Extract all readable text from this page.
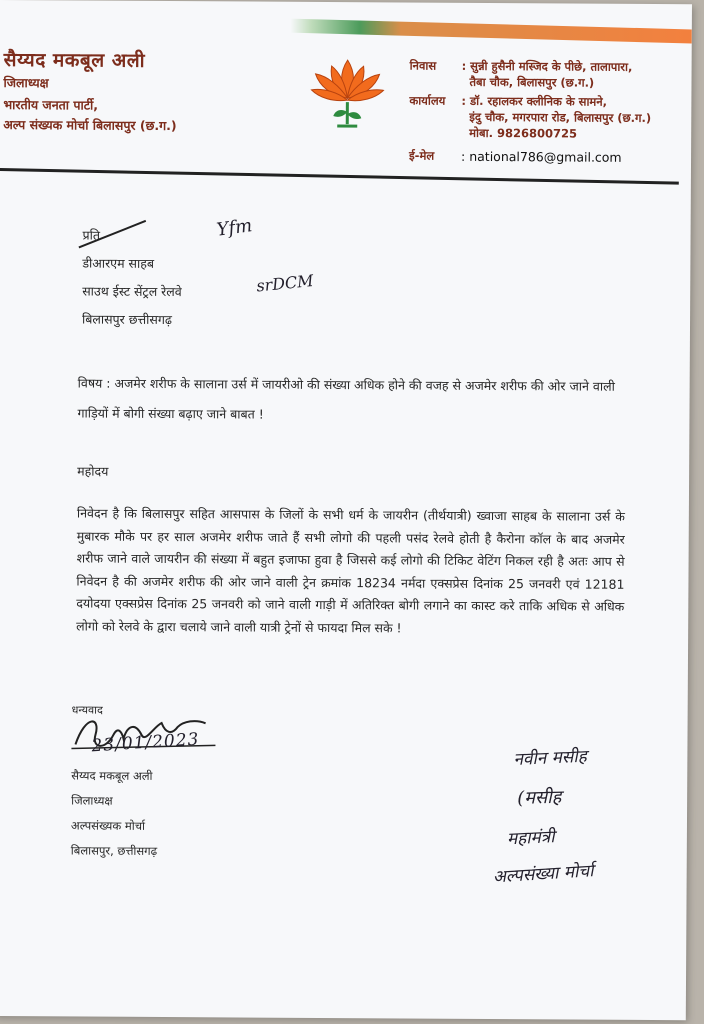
सैय्यद मकबूल अली
जिलाध्यक्ष
भारतीय जनता पार्टी,
अल्प संख्यक मोर्चा बिलासपुर (छ.ग.)
निवास : सुन्नी हुसैनी मस्जिद के पीछे, तालापारा,
तैबा चौक, बिलासपुर (छ.ग.)
कार्यालय : डॉ. रहालकर क्लीनिक के सामने,
इंदु चौक, मगरपारा रोड, बिलासपुर (छ.ग.)
मोबा. 9826800725
ई-मेल : national786@gmail.com
प्रति
डीआरएम साहब
साउथ ईस्ट सेंट्रल रेलवे
बिलासपुर छत्तीसगढ़
Yfm
srDCM
विषय : अजमेर शरीफ के सालाना उर्स में जायरीओ की संख्या अधिक होने की वजह से अजमेर शरीफ की ओर जाने वाली गाड़ियों में बोगी संख्या बढ़ाए जाने बाबत !
महोदय
निवेदन है कि बिलासपुर सहित आसपास के जिलों के सभी धर्म के जायरीन (तीर्थयात्री) ख्वाजा साहब के सालाना उर्स के मुबारक मौके पर हर साल अजमेर शरीफ जाते हैं सभी लोगो की पहली पसंद रेलवे होती है कैरोना कॉल के बाद अजमेर शरीफ जाने वाले जायरीन की संख्या में बहुत इजाफा हुवा है जिससे कई लोगो की टिकिट वेटिंग निकल रही है अतः आप से निवेदन है की अजमेर शरीफ की ओर जाने वाली ट्रेन क्रमांक 18234 नर्मदा एक्सप्रेस दिनांक 25 जनवरी एवं 12181 दयोदया एक्सप्रेस दिनांक 25 जनवरी को जाने वाली गाड़ी में अतिरिक्त बोगी लगाने का कास्ट करे ताकि अधिक से अधिक लोगो को रेलवे के द्वारा चलाये जाने वाली यात्री ट्रेनों से फायदा मिल सके !
धन्यवाद
23/01/2023
सैय्यद मकबूल अली
जिलाध्यक्ष
अल्पसंख्यक मोर्चा
बिलासपुर, छत्तीसगढ़
नवीन मसीह
(मसीह
महामंत्री
अल्पसंख्या मोर्चा
